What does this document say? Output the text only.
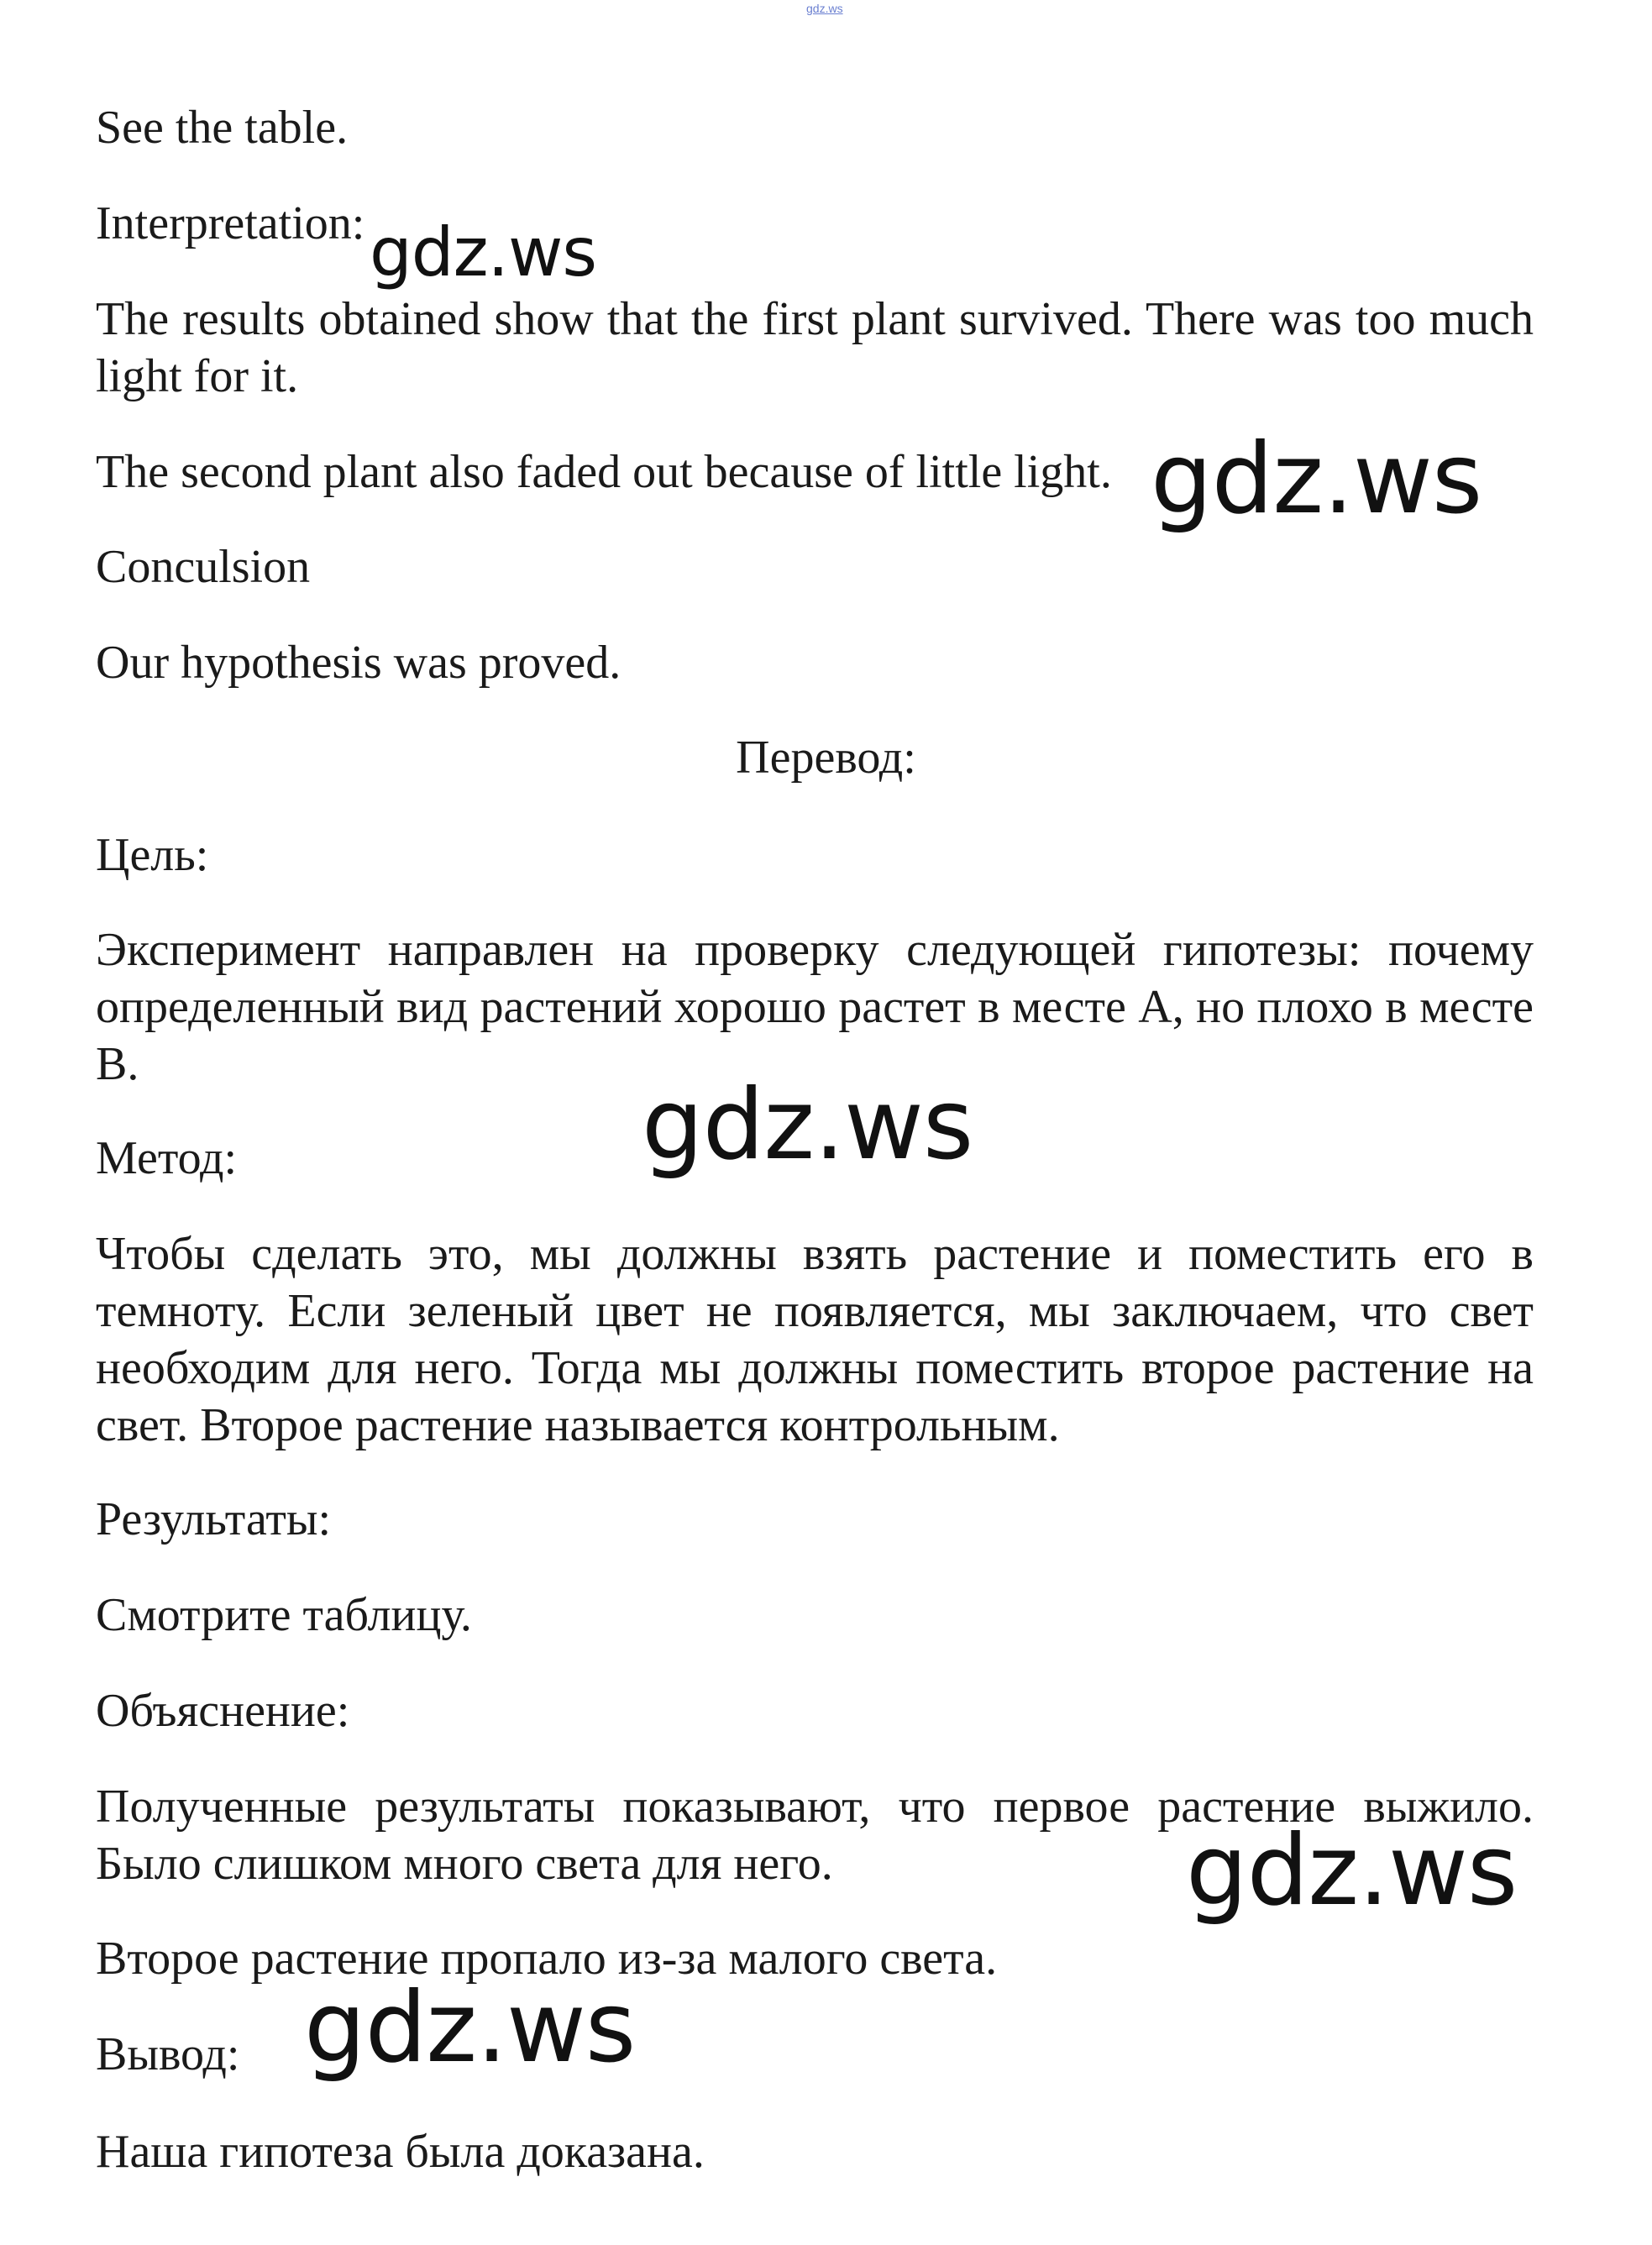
gdz.ws

See the table.

Interpretation:

The results obtained show that the first plant survived. There was too much light for it.

The second plant also faded out because of little light.

Conculsion

Our hypothesis was proved.

Перевод:

Цель:

Эксперимент направлен на проверку следующей гипотезы: почему определенный вид растений хорошо растет в месте А, но плохо в месте В.

Метод:

Чтобы сделать это, мы должны взять растение и поместить его в темноту. Если зеленый цвет не появляется, мы заключаем, что свет необходим для него. Тогда мы должны поместить второе растение на свет. Второе растение называется контрольным.

Результаты:

Смотрите таблицу.

Объяснение:

Полученные результаты показывают, что первое растение выжило. Было слишком много света для него.

Второе растение пропало из-за малого света.

Вывод:

Наша гипотеза была доказана.

gdz.ws
gdz.ws
gdz.ws
gdz.ws
gdz.ws
